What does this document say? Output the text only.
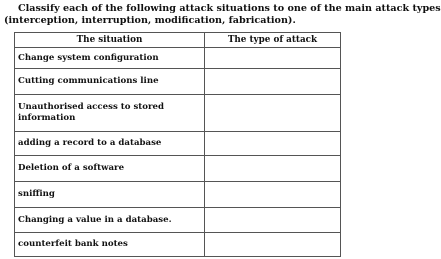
Classify each of the following attack situations to one of the main attack types
(interception, interruption, modification, fabrication).
The situation	The type of attack
Change system configuration	
Cutting communications line	
Unauthorised access to stored information	
adding a record to a database	
Deletion of a software	
sniffing	
Changing a value in a database.	
counterfeit bank notes	
